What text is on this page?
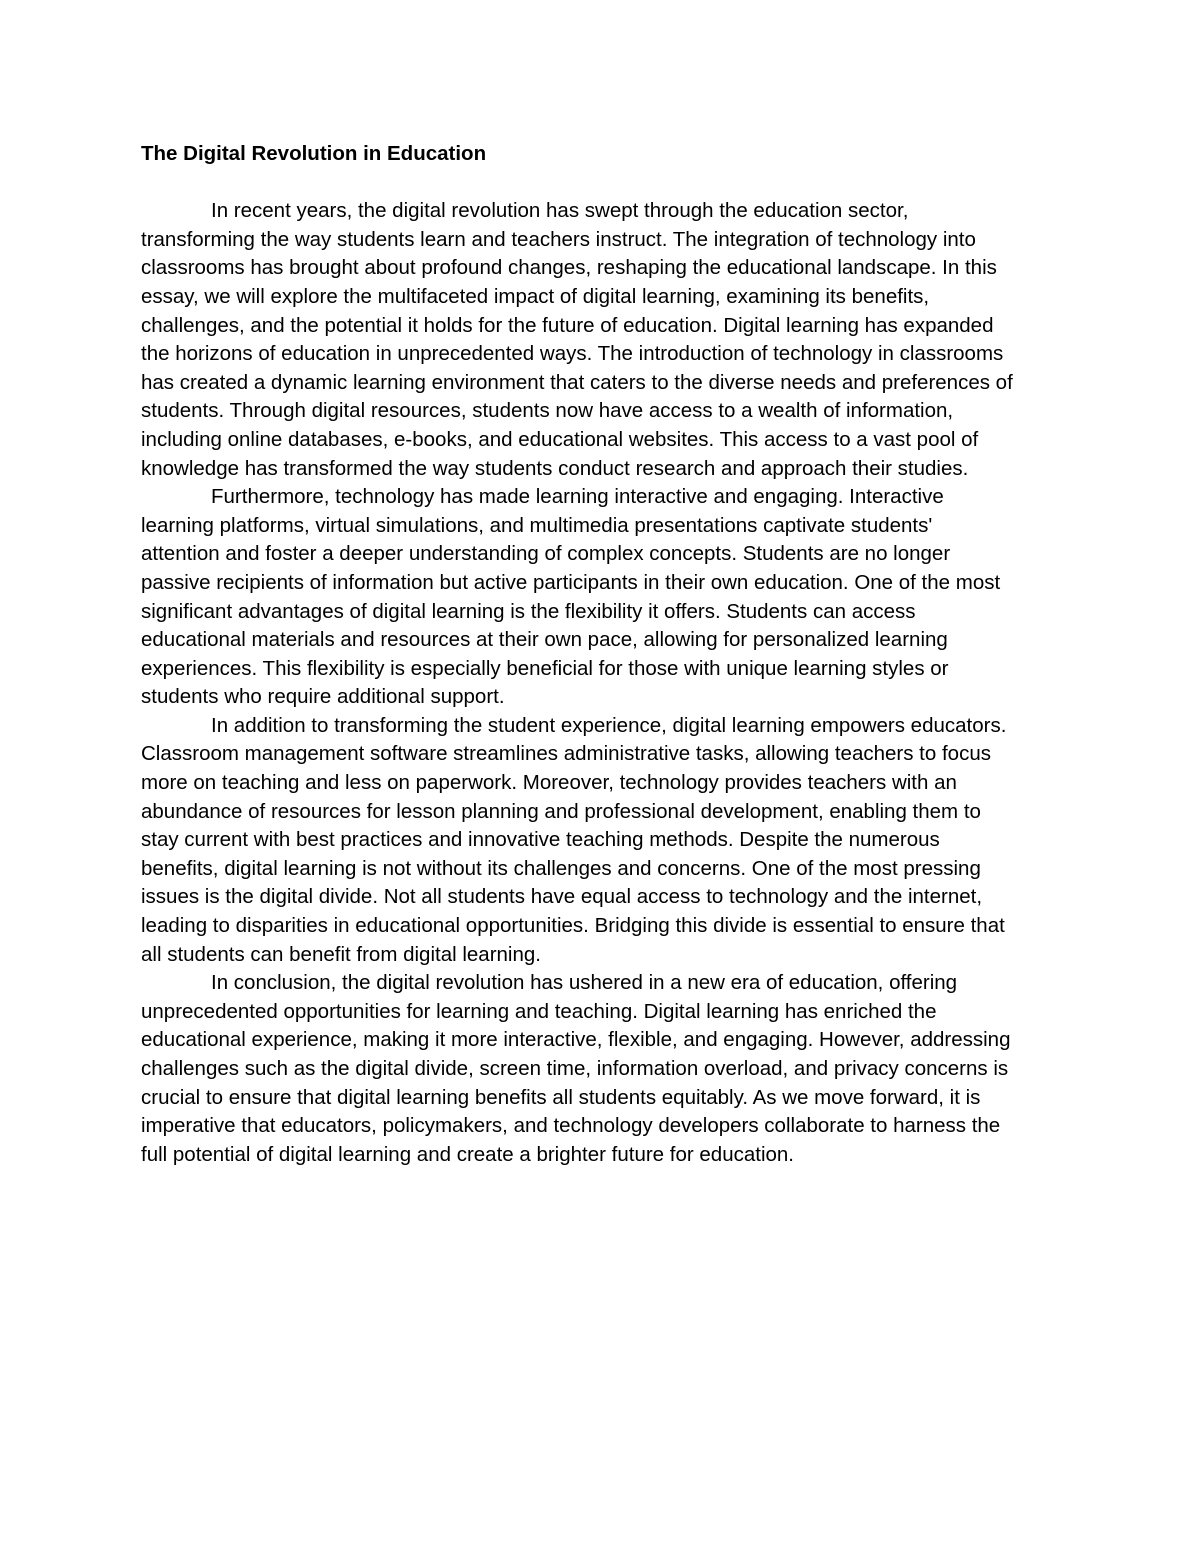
The Digital Revolution in Education

In recent years, the digital revolution has swept through the education sector,
transforming the way students learn and teachers instruct. The integration of technology into
classrooms has brought about profound changes, reshaping the educational landscape. In this
essay, we will explore the multifaceted impact of digital learning, examining its benefits,
challenges, and the potential it holds for the future of education. Digital learning has expanded
the horizons of education in unprecedented ways. The introduction of technology in classrooms
has created a dynamic learning environment that caters to the diverse needs and preferences of
students. Through digital resources, students now have access to a wealth of information,
including online databases, e-books, and educational websites. This access to a vast pool of
knowledge has transformed the way students conduct research and approach their studies.

Furthermore, technology has made learning interactive and engaging. Interactive
learning platforms, virtual simulations, and multimedia presentations captivate students'
attention and foster a deeper understanding of complex concepts. Students are no longer
passive recipients of information but active participants in their own education. One of the most
significant advantages of digital learning is the flexibility it offers. Students can access
educational materials and resources at their own pace, allowing for personalized learning
experiences. This flexibility is especially beneficial for those with unique learning styles or
students who require additional support.

In addition to transforming the student experience, digital learning empowers educators.
Classroom management software streamlines administrative tasks, allowing teachers to focus
more on teaching and less on paperwork. Moreover, technology provides teachers with an
abundance of resources for lesson planning and professional development, enabling them to
stay current with best practices and innovative teaching methods. Despite the numerous
benefits, digital learning is not without its challenges and concerns. One of the most pressing
issues is the digital divide. Not all students have equal access to technology and the internet,
leading to disparities in educational opportunities. Bridging this divide is essential to ensure that
all students can benefit from digital learning.

In conclusion, the digital revolution has ushered in a new era of education, offering
unprecedented opportunities for learning and teaching. Digital learning has enriched the
educational experience, making it more interactive, flexible, and engaging. However, addressing
challenges such as the digital divide, screen time, information overload, and privacy concerns is
crucial to ensure that digital learning benefits all students equitably. As we move forward, it is
imperative that educators, policymakers, and technology developers collaborate to harness the
full potential of digital learning and create a brighter future for education.
